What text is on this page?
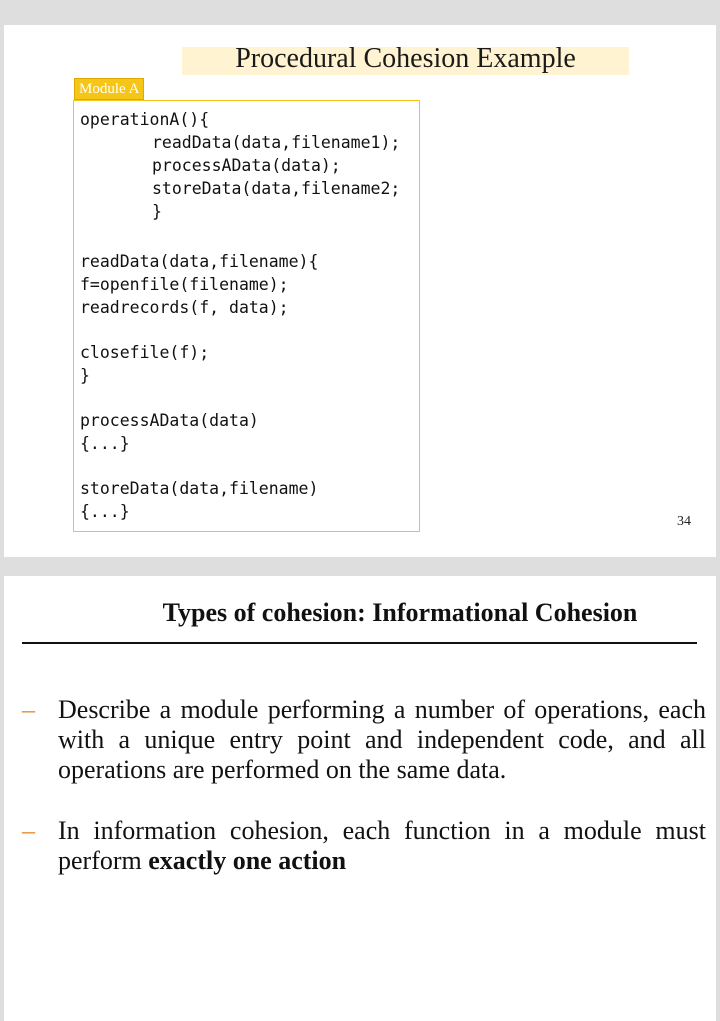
Procedural Cohesion Example
Module A

operationA(){

readData(data,filename1);

processAData(data);

storeData(data,filename2;

}

readData(data,filename){

f=openfile(filename);

readrecords(f, data);

closefile(f);

}

processAData(data)

{...}

storeData(data,filename)

{...}

34
Types of cohesion: Informational Cohesion
– Describe a module performing a number of operations, each with a unique entry point and independent code, and all operations are performed on the same data.
– In information cohesion, each function in a module must perform exactly one action
